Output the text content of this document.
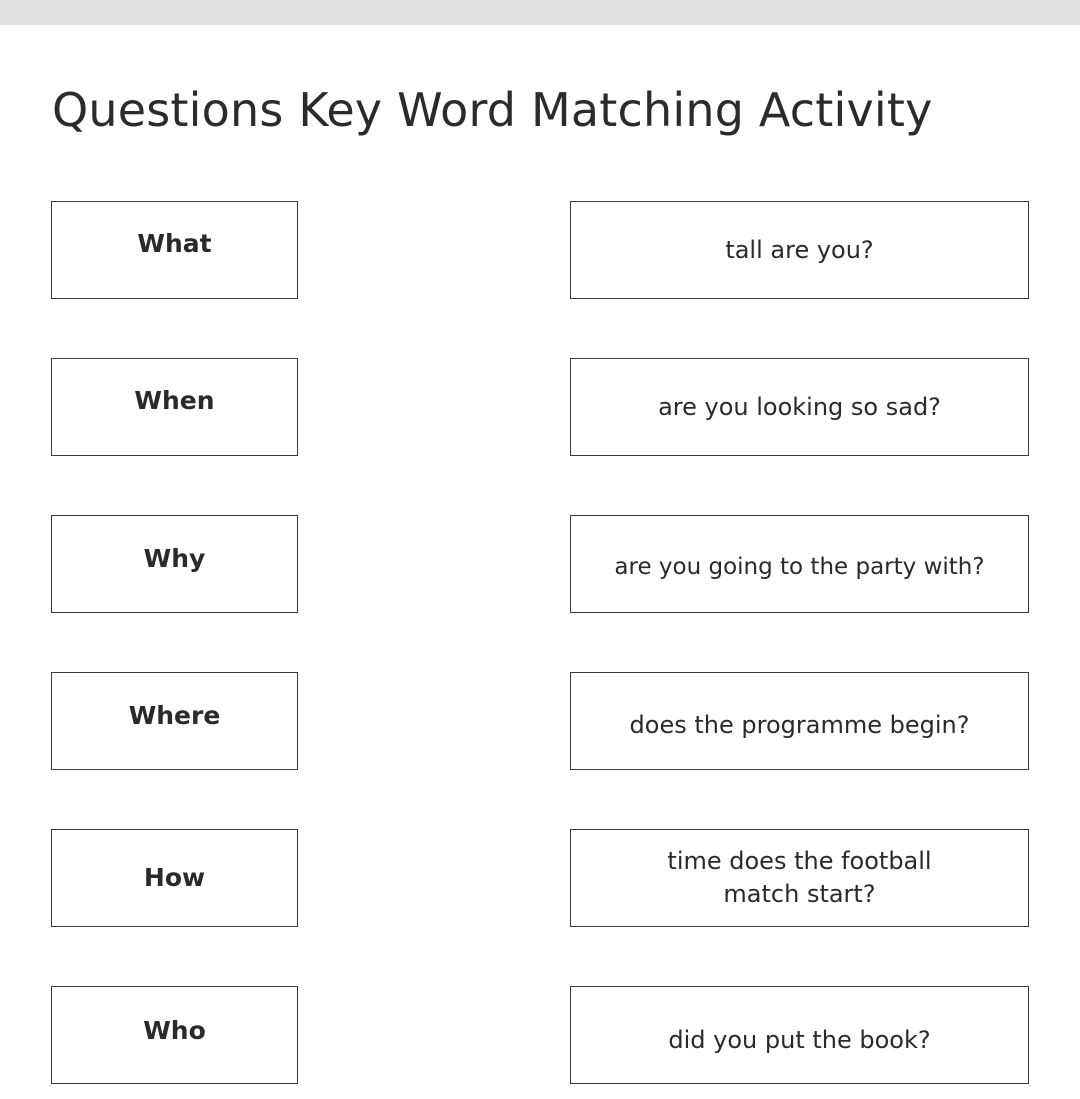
Questions Key Word Matching Activity
What
When
Why
Where
How
Who
tall are you?
are you looking so sad?
are you going to the party with?
does the programme begin?
time does the football
match start?
did you put the book?
